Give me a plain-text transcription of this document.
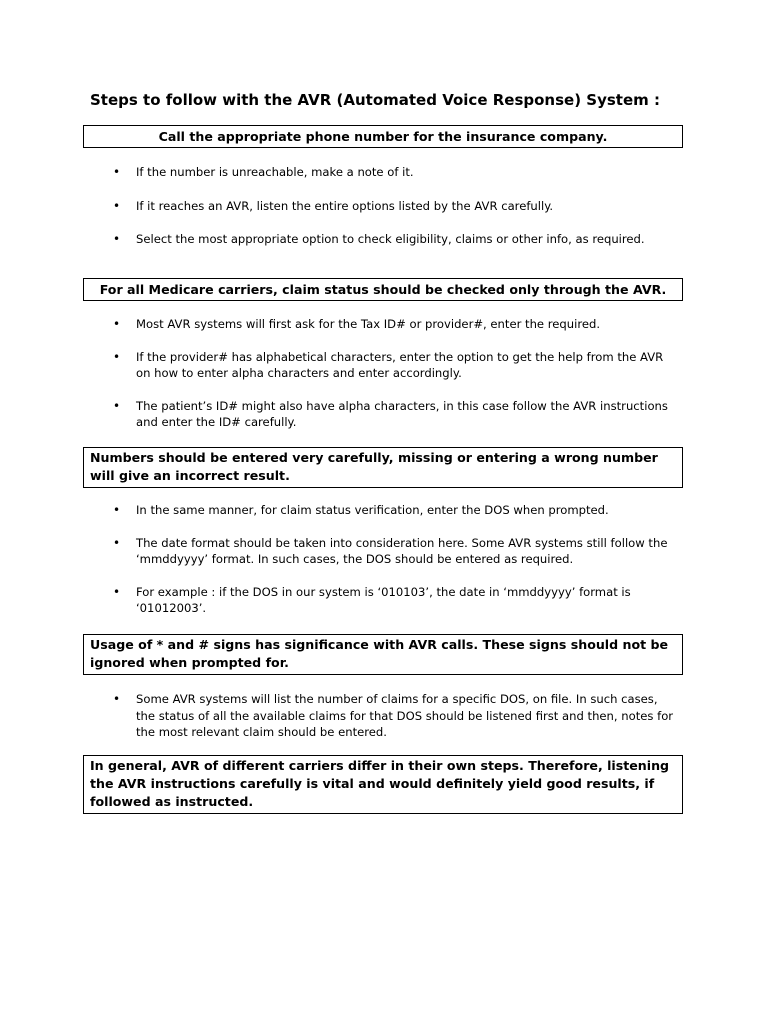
Steps to follow with the AVR (Automated Voice Response) System :
Call the appropriate phone number for the insurance company.
• If the number is unreachable, make a note of it.
• If it reaches an AVR, listen the entire options listed by the AVR carefully.
• Select the most appropriate option to check eligibility, claims or other info, as required.
For all Medicare carriers, claim status should be checked only through the AVR.
• Most AVR systems will first ask for the Tax ID# or provider#, enter the required.
• If the provider# has alphabetical characters, enter the option to get the help from the AVR on how to enter alpha characters and enter accordingly.
• The patient’s ID# might also have alpha characters, in this case follow the AVR instructions and enter the ID# carefully.
Numbers should be entered very carefully, missing or entering a wrong number will give an incorrect result.
• In the same manner, for claim status verification, enter the DOS when prompted.
• The date format should be taken into consideration here. Some AVR systems still follow the ‘mmddyyyy’ format. In such cases, the DOS should be entered as required.
• For example : if the DOS in our system is ‘010103’, the date in ‘mmddyyyy’ format is ‘01012003’.
Usage of * and # signs has significance with AVR calls. These signs should not be ignored when prompted for.
• Some AVR systems will list the number of claims for a specific DOS, on file. In such cases, the status of all the available claims for that DOS should be listened first and then, notes for the most relevant claim should be entered.
In general, AVR of different carriers differ in their own steps. Therefore, listening the AVR instructions carefully is vital and would definitely yield good results, if followed as instructed.
